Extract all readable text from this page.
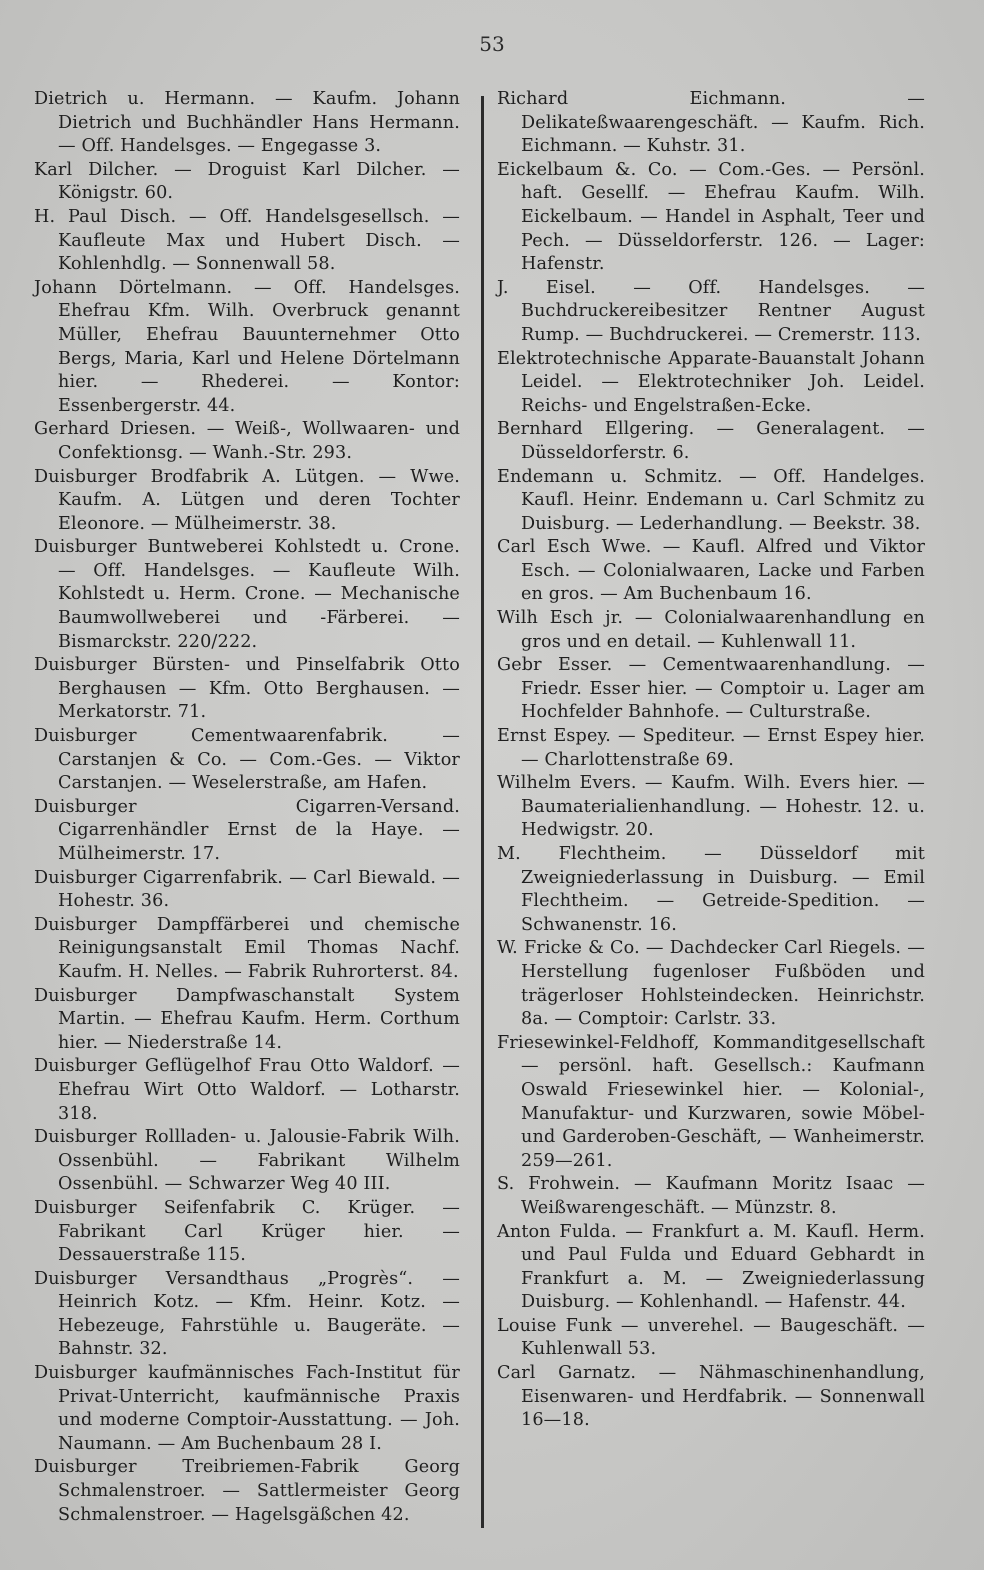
53

Dietrich u. Hermann. — Kaufm. Johann Dietrich und Buchhändler Hans Hermann. — Off. Handelsges. — Engegasse 3.

Karl Dilcher. — Droguist Karl Dilcher. — Königstr. 60.

H. Paul Disch. — Off. Handelsgesellsch. — Kaufleute Max und Hubert Disch. — Kohlenhdlg. — Sonnenwall 58.

Johann Dörtelmann. — Off. Handelsges. Ehefrau Kfm. Wilh. Overbruck genannt Müller, Ehefrau Bauunternehmer Otto Bergs, Maria, Karl und Helene Dörtelmann hier. — Rhederei. — Kontor: Essenbergerstr. 44.

Gerhard Driesen. — Weiß-, Wollwaaren- und Confektionsg. — Wanh.-Str. 293.

Duisburger Brodfabrik A. Lütgen. — Wwe. Kaufm. A. Lütgen und deren Tochter Eleonore. — Mülheimerstr. 38.

Duisburger Buntweberei Kohlstedt u. Crone. — Off. Handelsges. — Kaufleute Wilh. Kohlstedt u. Herm. Crone. — Mechanische Baumwollweberei und -Färberei. — Bismarckstr. 220/222.

Duisburger Bürsten- und Pinselfabrik Otto Berghausen — Kfm. Otto Berghausen. — Merkatorstr. 71.

Duisburger Cementwaarenfabrik. — Carstanjen & Co. — Com.-Ges. — Viktor Carstanjen. — Weselerstraße, am Hafen.

Duisburger Cigarren-Versand. Cigarrenhändler Ernst de la Haye. — Mülheimerstr. 17.

Duisburger Cigarrenfabrik. — Carl Biewald. — Hohestr. 36.

Duisburger Dampffärberei und chemische Reinigungsanstalt Emil Thomas Nachf. Kaufm. H. Nelles. — Fabrik Ruhrorterst. 84.

Duisburger Dampfwaschanstalt System Martin. — Ehefrau Kaufm. Herm. Corthum hier. — Niederstraße 14.

Duisburger Geflügelhof Frau Otto Waldorf. — Ehefrau Wirt Otto Waldorf. — Lotharstr. 318.

Duisburger Rollladen- u. Jalousie-Fabrik Wilh. Ossenbühl. — Fabrikant Wilhelm Ossenbühl. — Schwarzer Weg 40 III.

Duisburger Seifenfabrik C. Krüger. — Fabrikant Carl Krüger hier. — Dessauerstraße 115.

Duisburger Versandthaus „Progrès“. — Heinrich Kotz. — Kfm. Heinr. Kotz. — Hebezeuge, Fahrstühle u. Baugeräte. — Bahnstr. 32.

Duisburger kaufmännisches Fach-Institut für Privat-Unterricht, kaufmännische Praxis und moderne Comptoir-Ausstattung. — Joh. Naumann. — Am Buchenbaum 28 I.

Duisburger Treibriemen-Fabrik Georg Schmalenstroer. — Sattlermeister Georg Schmalenstroer. — Hagelsgäßchen 42.

Richard Eichmann. — Delikateßwaarengeschäft. — Kaufm. Rich. Eichmann. — Kuhstr. 31.

Eickelbaum &. Co. — Com.-Ges. — Persönl. haft. Gesellf. — Ehefrau Kaufm. Wilh. Eickelbaum. — Handel in Asphalt, Teer und Pech. — Düsseldorferstr. 126. — Lager: Hafenstr.

J. Eisel. — Off. Handelsges. — Buchdruckereibesitzer Rentner August Rump. — Buchdruckerei. — Cremerstr. 113.

Elektrotechnische Apparate-Bauanstalt Johann Leidel. — Elektrotechniker Joh. Leidel. Reichs- und Engelstraßen-Ecke.

Bernhard Ellgering. — Generalagent. — Düsseldorferstr. 6.

Endemann u. Schmitz. — Off. Handelges. Kaufl. Heinr. Endemann u. Carl Schmitz zu Duisburg. — Lederhandlung. — Beekstr. 38.

Carl Esch Wwe. — Kaufl. Alfred und Viktor Esch. — Colonialwaaren, Lacke und Farben en gros. — Am Buchenbaum 16.

Wilh Esch jr. — Colonialwaarenhandlung en gros und en detail. — Kuhlenwall 11.

Gebr Esser. — Cementwaarenhandlung. — Friedr. Esser hier. — Comptoir u. Lager am Hochfelder Bahnhofe. — Culturstraße.

Ernst Espey. — Spediteur. — Ernst Espey hier. — Charlottenstraße 69.

Wilhelm Evers. — Kaufm. Wilh. Evers hier. — Baumaterialienhandlung. — Hohestr. 12. u. Hedwigstr. 20.

M. Flechtheim. — Düsseldorf mit Zweigniederlassung in Duisburg. — Emil Flechtheim. — Getreide-Spedition. — Schwanenstr. 16.

W. Fricke & Co. — Dachdecker Carl Riegels. — Herstellung fugenloser Fußböden und trägerloser Hohlsteindecken. Heinrichstr. 8a. — Comptoir: Carlstr. 33.

Friesewinkel-Feldhoff, Kommanditgesellschaft — persönl. haft. Gesellsch.: Kaufmann Oswald Friesewinkel hier. — Kolonial-, Manufaktur- und Kurzwaren, sowie Möbel- und Garderoben-Geschäft, — Wanheimerstr. 259—261.

S. Frohwein. — Kaufmann Moritz Isaac — Weißwarengeschäft. — Münzstr. 8.

Anton Fulda. — Frankfurt a. M. Kaufl. Herm. und Paul Fulda und Eduard Gebhardt in Frankfurt a. M. — Zweigniederlassung Duisburg. — Kohlenhandl. — Hafenstr. 44.

Louise Funk — unverehel. — Baugeschäft. — Kuhlenwall 53.

Carl Garnatz. — Nähmaschinenhandlung, Eisenwaren- und Herdfabrik. — Sonnenwall 16—18.
